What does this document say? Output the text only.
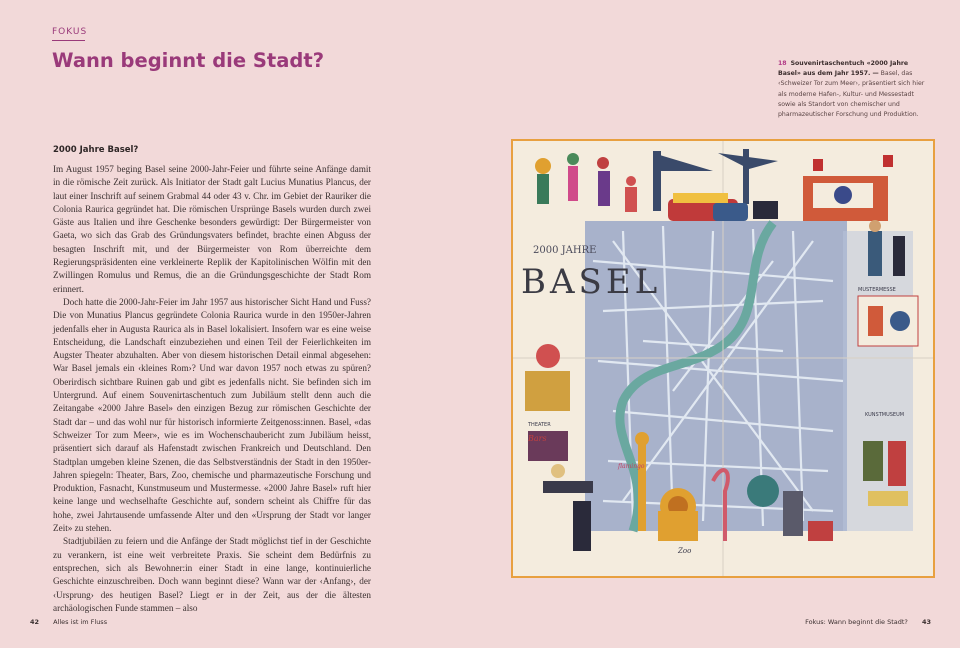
FOKUS
Wann beginnt die Stadt?
2000 Jahre Basel?

Im August 1957 beging Basel seine 2000-Jahr-Feier und führte seine Anfänge damit in die römische Zeit zurück. Als Initiator der Stadt galt Lucius Munatius Plancus, der laut einer Inschrift auf seinem Grabmal 44 oder 43 v. Chr. im Gebiet der Rauriker die Colonia Raurica gegründet hat. Die römischen Ursprünge Basels wurden durch zwei Gäste aus Italien und ihre Geschenke besonders gewürdigt: Der Bürgermeister von Gaeta, wo sich das Grab des Gründungsvaters befindet, brachte einen Abguss der besagten Inschrift mit, und der Bürgermeister von Rom überreichte dem Regierungspräsidenten eine verkleinerte Replik der Kapitolinischen Wölfin mit den Zwillingen Romulus und Remus, die an die Gründungsgeschichte der Stadt Rom erinnert.

Doch hatte die 2000-Jahr-Feier im Jahr 1957 aus historischer Sicht Hand und Fuss? Die von Munatius Plancus gegründete Colonia Raurica wurde in den 1950er-Jahren jedenfalls eher in Augusta Raurica als in Basel lokalisiert. Insofern war es eine weise Entscheidung, die Landschaft einzubeziehen und einen Teil der Feierlichkeiten im Augster Theater abzuhalten. Aber von diesem historischen Detail einmal abgesehen: War Basel jemals ein ‹kleines Rom›? Und war davon 1957 noch etwas zu spüren? Oberirdisch sichtbare Ruinen gab und gibt es jedenfalls nicht. Sie befinden sich im Untergrund. Auf einem Souvenirtaschentuch zum Jubiläum stellt denn auch die Zeitangabe «2000 Jahre Basel» den einzigen Bezug zur römischen Geschichte der Stadt dar – und das wohl nur für historisch informierte Zeitgenoss:innen. Basel, «das Schweizer Tor zum Meer», wie es im Wochenschaubericht zum Jubiläum heisst, präsentiert sich darauf als Hafenstadt zwischen Frankreich und Deutschland. Den Stadtplan umgeben kleine Szenen, die das Selbstverständnis der Stadt in den 1950er-Jahren spiegeln: Theater, Bars, Zoo, chemische und pharmazeutische Forschung und Produktion, Fasnacht, Kunstmuseum und Mustermesse. «2000 Jahre Basel» ruft hier keine lange und wechselhafte Geschichte auf, sondern scheint als Chiffre für das hohe, zwei Jahrtausende umfassende Alter und den «Ursprung der Stadt vor langer Zeit» zu stehen.

Stadtjubiläen zu feiern und die Anfänge der Stadt möglichst tief in der Geschichte zu verankern, ist eine weit verbreitete Praxis. Sie scheint dem Bedürfnis zu entsprechen, sich als Bewohner:in einer Stadt in eine lange, kontinuierliche Geschichte einzuschreiben. Doch wann beginnt diese? Wann war der ‹Anfang›, der ‹Ursprung› des heutigen Basel? Liegt er in der Zeit, aus der die ältesten archäologischen Funde stammen – also

18 Souvenirtaschentuch «2000 Jahre Basel» aus dem Jahr 1957. — Basel, das ‹Schweizer Tor zum Meer›, präsentiert sich hier als moderne Hafen-, Kultur- und Messestadt sowie als Standort von chemischer und pharmazeutischer Forschung und Produktion.
2000 JAHRE
BASEL	MUSTERMESSE
THEATER
KUNSTMUSEUM
Bars
flamingo
Zoo
42 Alles ist im Fluss	Fokus: Wann beginnt die Stadt? 43
